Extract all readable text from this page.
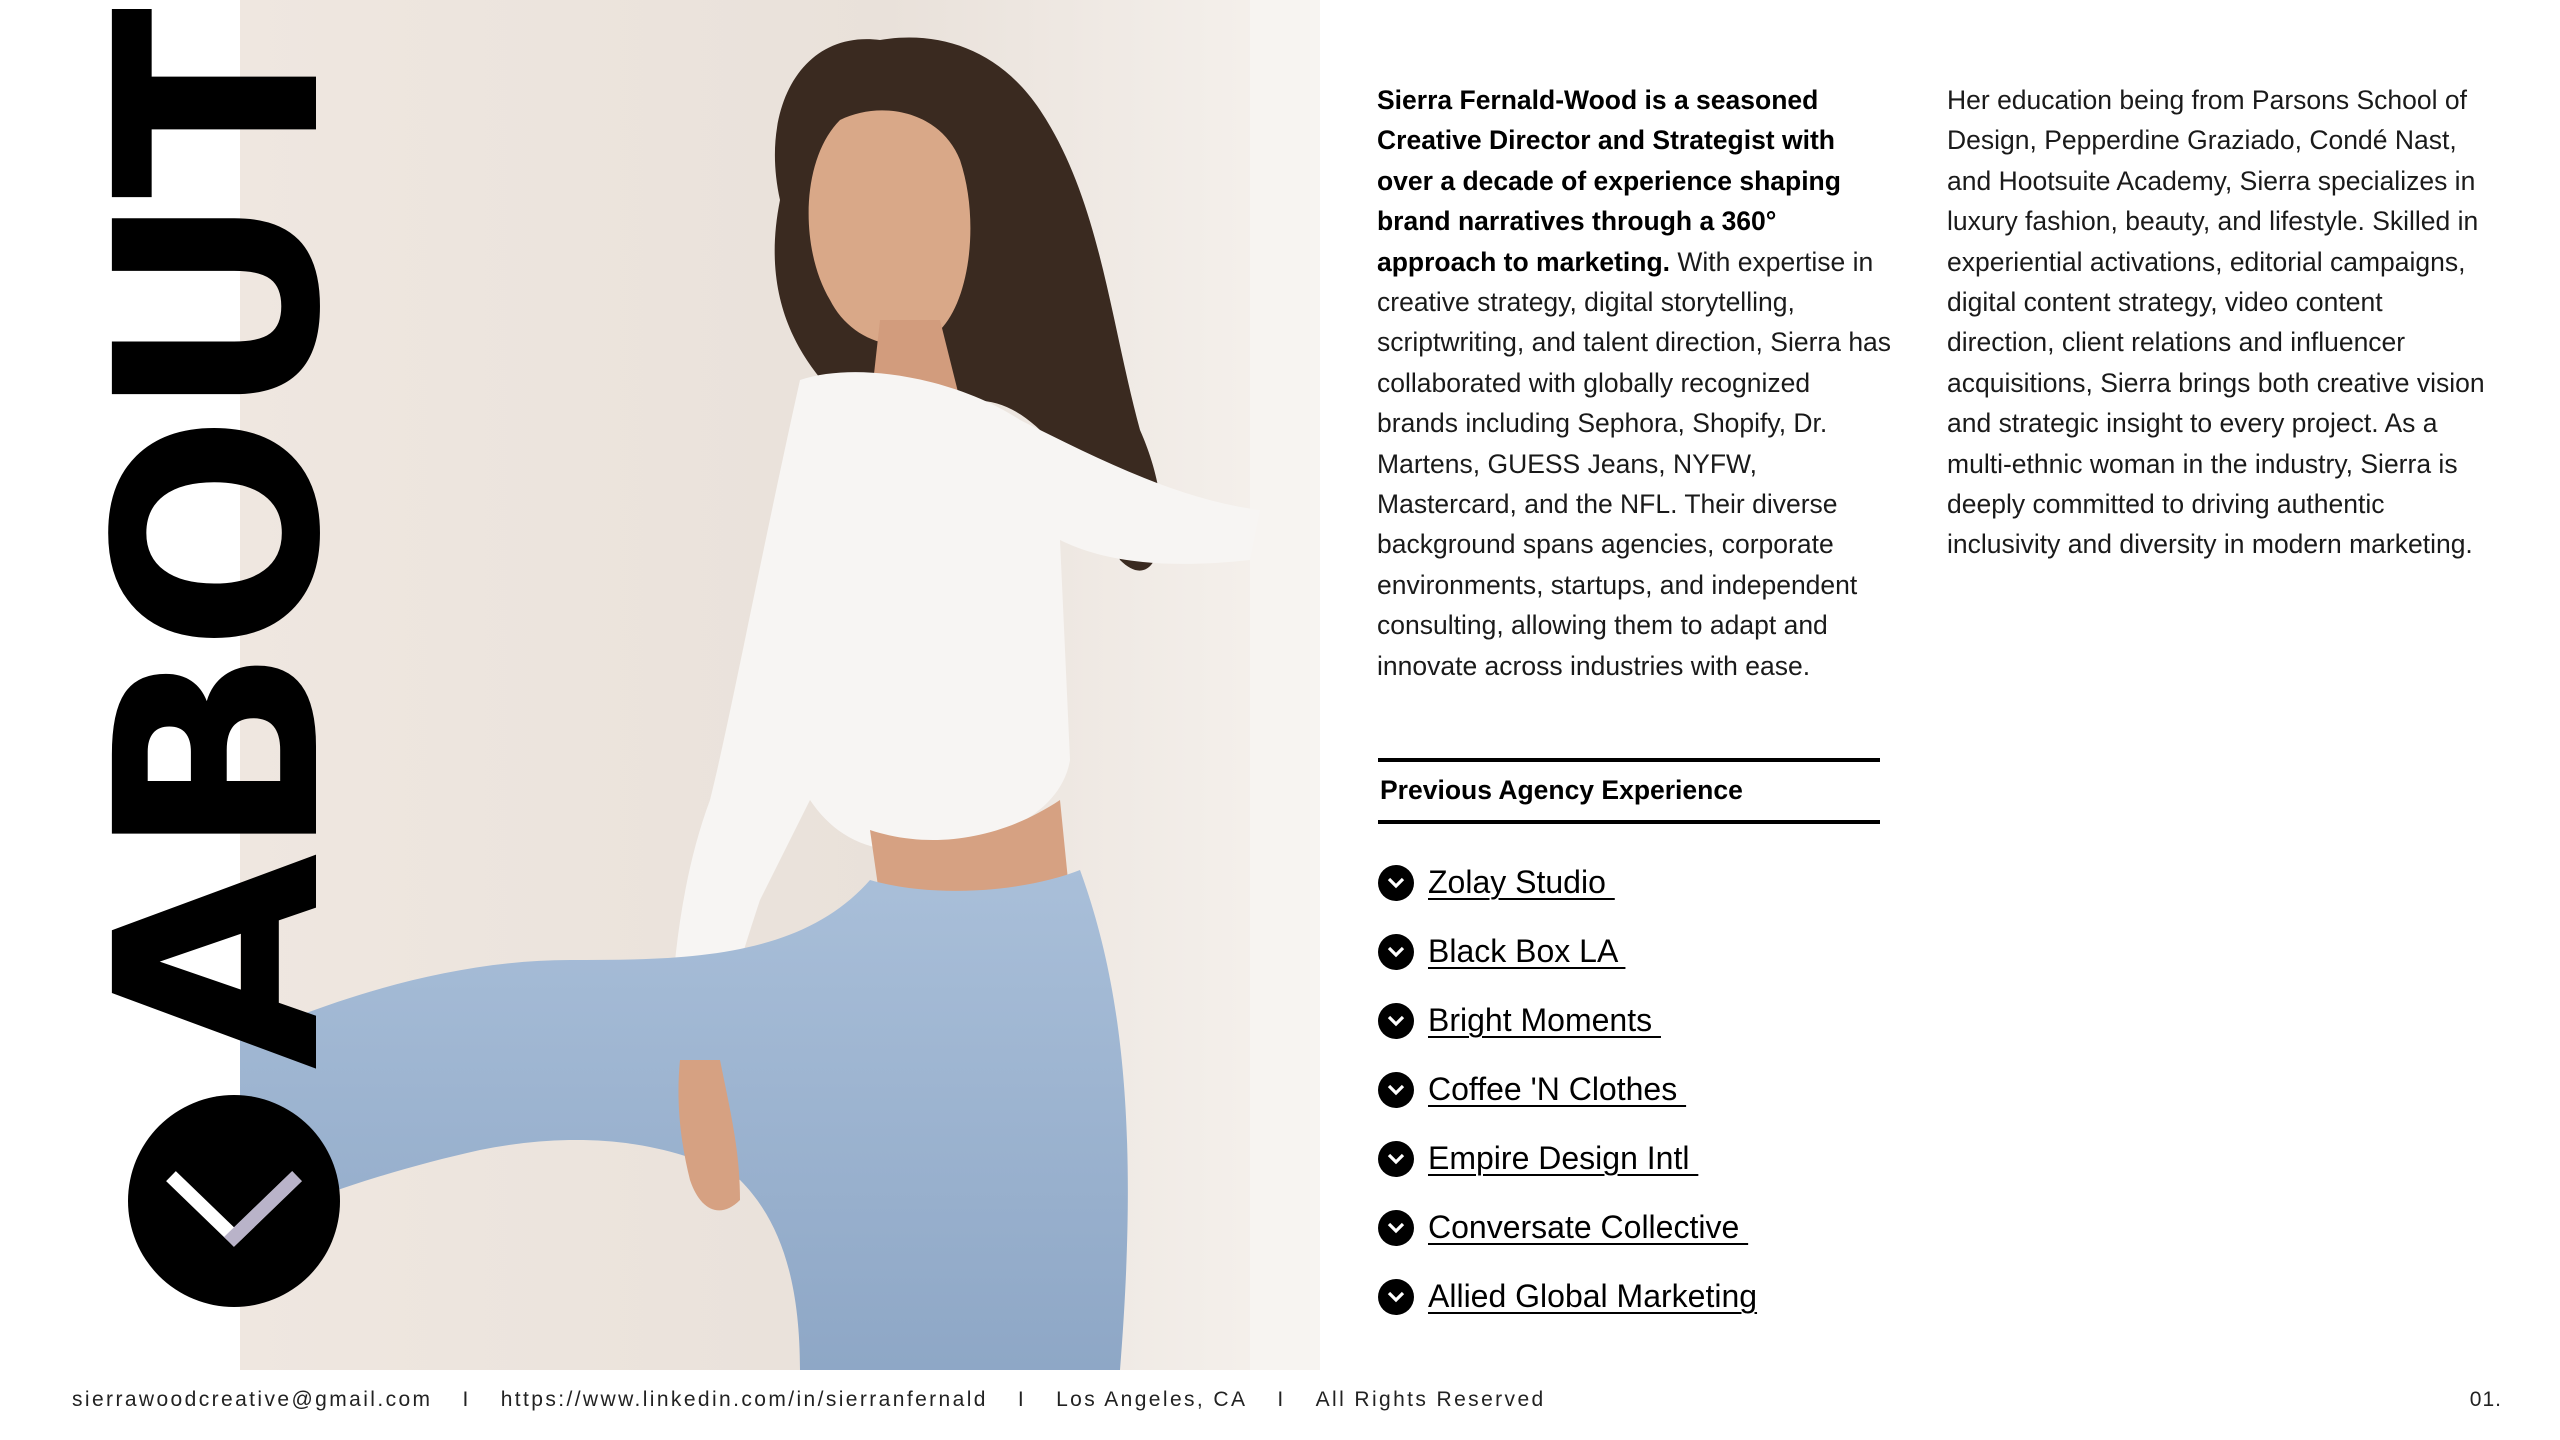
ABOUT	Sierra Fernald-Wood is a seasoned Creative Director and Strategist with over a decade of experience shaping brand narratives through a 360° approach to marketing. With expertise in creative strategy, digital storytelling, scriptwriting, and talent direction, Sierra has collaborated with globally recognized brands including Sephora, Shopify, Dr. Martens, GUESS Jeans, NYFW, Mastercard, and the NFL. Their diverse background spans agencies, corporate environments, startups, and independent consulting, allowing them to adapt and innovate across industries with ease.
Her education being from Parsons School of Design, Pepperdine Graziado, Condé Nast, and Hootsuite Academy, Sierra specializes in luxury fashion, beauty, and lifestyle. Skilled in experiential activations, editorial campaigns, digital content strategy, video content direction, client relations and influencer acquisitions, Sierra brings both creative vision and strategic insight to every project. As a multi-ethnic woman in the industry, Sierra is deeply committed to driving authentic inclusivity and diversity in modern marketing.
Previous Agency Experience
Zolay Studio
Black Box LA
Bright Moments
Coffee 'N Clothes
Empire Design Intl
Conversate Collective
Allied Global Marketing
sierrawoodcreative@gmail.com I https://www.linkedin.com/in/sierranfernald I Los Angeles, CA I All Rights Reserved	01.
